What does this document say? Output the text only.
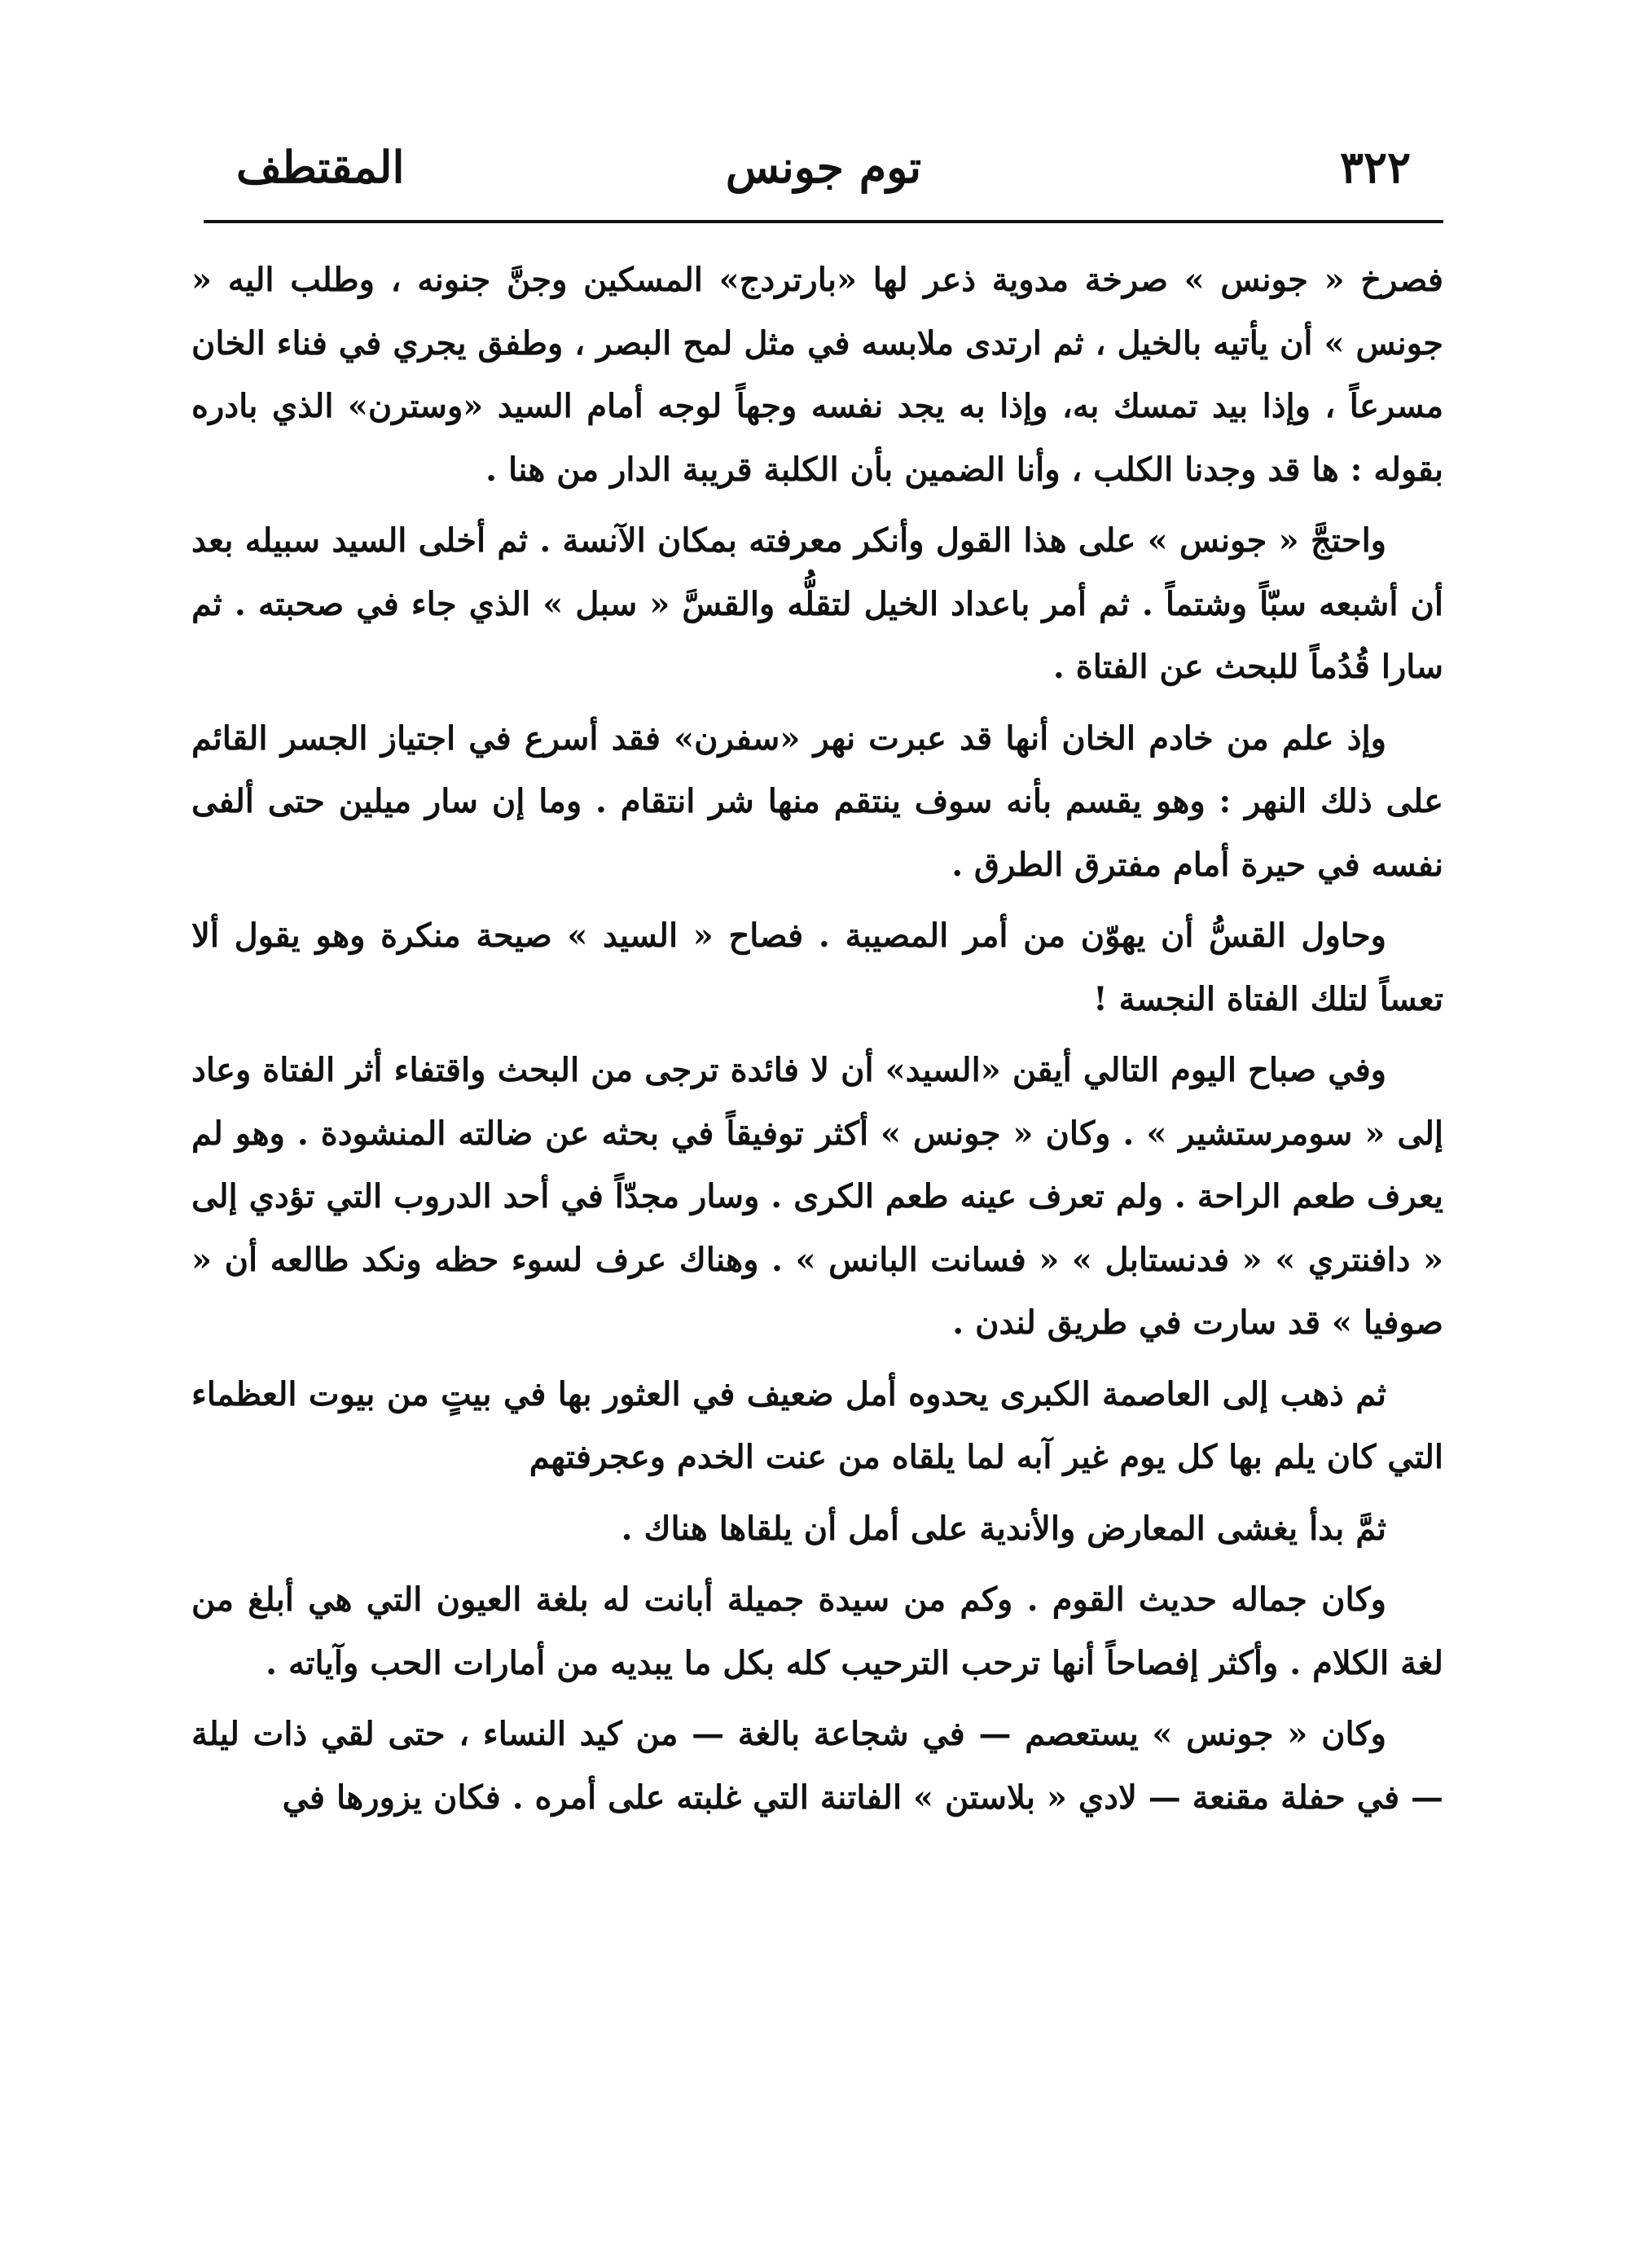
٣٢٢
توم جونس
المقتطف

فصرخ « جونس » صرخة مدوية ذعر لها «بارتردج» المسكين وجنَّ جنونه ، وطلب اليه « جونس » أن يأتيه بالخيل ، ثم ارتدى ملابسه في مثل لمح البصر ، وطفق يجري في فناء الخان مسرعاً ، وإذا بيد تمسك به، وإذا به يجد نفسه وجهاً لوجه أمام السيد «وسترن» الذي بادره بقوله : ها قد وجدنا الكلب ، وأنا الضمين بأن الكلبة قريبة الدار من هنا .

واحتجَّ « جونس » على هذا القول وأنكر معرفته بمكان الآنسة . ثم أخلى السيد سبيله بعد أن أشبعه سبّاً وشتماً . ثم أمر باعداد الخيل لتقلُّه والقسَّ « سبل » الذي جاء في صحبته . ثم سارا قُدُماً للبحث عن الفتاة .

وإذ علم من خادم الخان أنها قد عبرت نهر «سفرن» فقد أسرع في اجتياز الجسر القائم على ذلك النهر : وهو يقسم بأنه سوف ينتقم منها شر انتقام . وما إن سار ميلين حتى ألفى نفسه في حيرة أمام مفترق الطرق .

وحاول القسُّ أن يهوّن من أمر المصيبة . فصاح « السيد » صيحة منكرة وهو يقول ألا تعساً لتلك الفتاة النجسة !

وفي صباح اليوم التالي أيقن «السيد» أن لا فائدة ترجى من البحث واقتفاء أثر الفتاة وعاد إلى « سومرستشير » . وكان « جونس » أكثر توفيقاً في بحثه عن ضالته المنشودة . وهو لم يعرف طعم الراحة . ولم تعرف عينه طعم الكرى . وسار مجدّاً في أحد الدروب التي تؤدي إلى « دافنتري » « فدنستابل » « فسانت البانس » . وهناك عرف لسوء حظه ونكد طالعه أن « صوفيا » قد سارت في طريق لندن .

ثم ذهب إلى العاصمة الكبرى يحدوه أمل ضعيف في العثور بها في بيتٍ من بيوت العظماء التي كان يلم بها كل يوم غير آبه لما يلقاه من عنت الخدم وعجرفتهم

ثمَّ بدأ يغشى المعارض والأندية على أمل أن يلقاها هناك .

وكان جماله حديث القوم . وكم من سيدة جميلة أبانت له بلغة العيون التي هي أبلغ من لغة الكلام . وأكثر إفصاحاً أنها ترحب الترحيب كله بكل ما يبديه من أمارات الحب وآياته .

وكان « جونس » يستعصم — في شجاعة بالغة — من كيد النساء ، حتى لقي ذات ليلة — في حفلة مقنعة — لادي « بلاستن » الفاتنة التي غلبته على أمره . فكان يزورها في
